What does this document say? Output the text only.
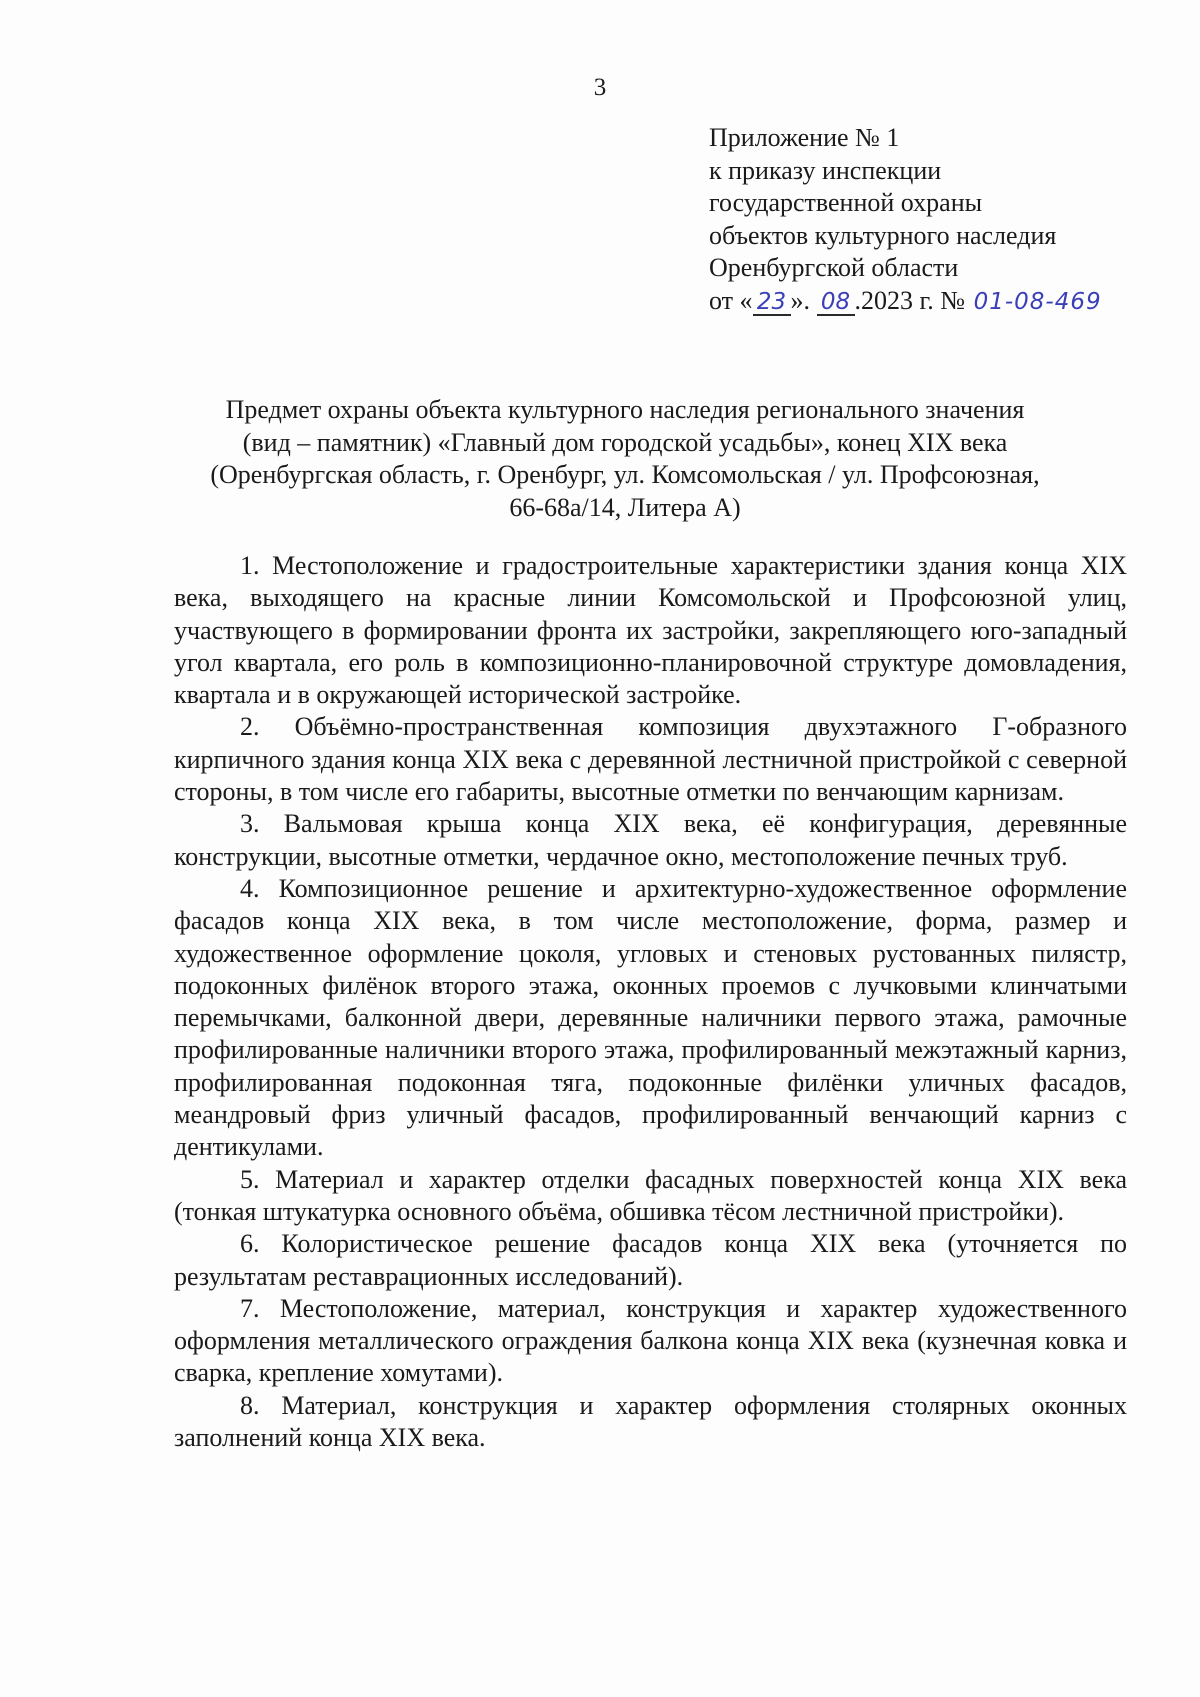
3
Приложение № 1
к приказу инспекции
государственной охраны
объектов культурного наследия
Оренбургской области
от « 23 ». 08 .2023 г. № 01-08-469
Предмет охраны объекта культурного наследия регионального значения
(вид – памятник) «Главный дом городской усадьбы», конец XIX века
(Оренбургская область, г. Оренбург, ул. Комсомольская / ул. Профсоюзная,
66-68а/14, Литера А)

1. Местоположение и градостроительные характеристики здания конца XIX века, выходящего на красные линии Комсомольской и Профсоюзной улиц, участвующего в формировании фронта их застройки, закрепляющего юго-западный угол квартала, его роль в композиционно-планировочной структуре домовладения, квартала и в окружающей исторической застройке.

2. Объёмно-пространственная композиция двухэтажного Г-образного кирпичного здания конца XIX века с деревянной лестничной пристройкой с северной стороны, в том числе его габариты, высотные отметки по венчающим карнизам.

3. Вальмовая крыша конца XIX века, её конфигурация, деревянные конструкции, высотные отметки, чердачное окно, местоположение печных труб.

4. Композиционное решение и архитектурно-художественное оформление фасадов конца XIX века, в том числе местоположение, форма, размер и художественное оформление цоколя, угловых и стеновых рустованных пилястр, подоконных филёнок второго этажа, оконных проемов с лучковыми клинчатыми перемычками, балконной двери, деревянные наличники первого этажа, рамочные профилированные наличники второго этажа, профилированный межэтажный карниз, профилированная подоконная тяга, подоконные филёнки уличных фасадов, меандровый фриз уличный фасадов, профилированный венчающий карниз с дентикулами.

5. Материал и характер отделки фасадных поверхностей конца XIX века (тонкая штукатурка основного объёма, обшивка тёсом лестничной пристройки).

6. Колористическое решение фасадов конца XIX века (уточняется по результатам реставрационных исследований).

7. Местоположение, материал, конструкция и характер художественного оформления металлического ограждения балкона конца XIX века (кузнечная ковка и сварка, крепление хомутами).

8. Материал, конструкция и характер оформления столярных оконных заполнений конца XIX века.
